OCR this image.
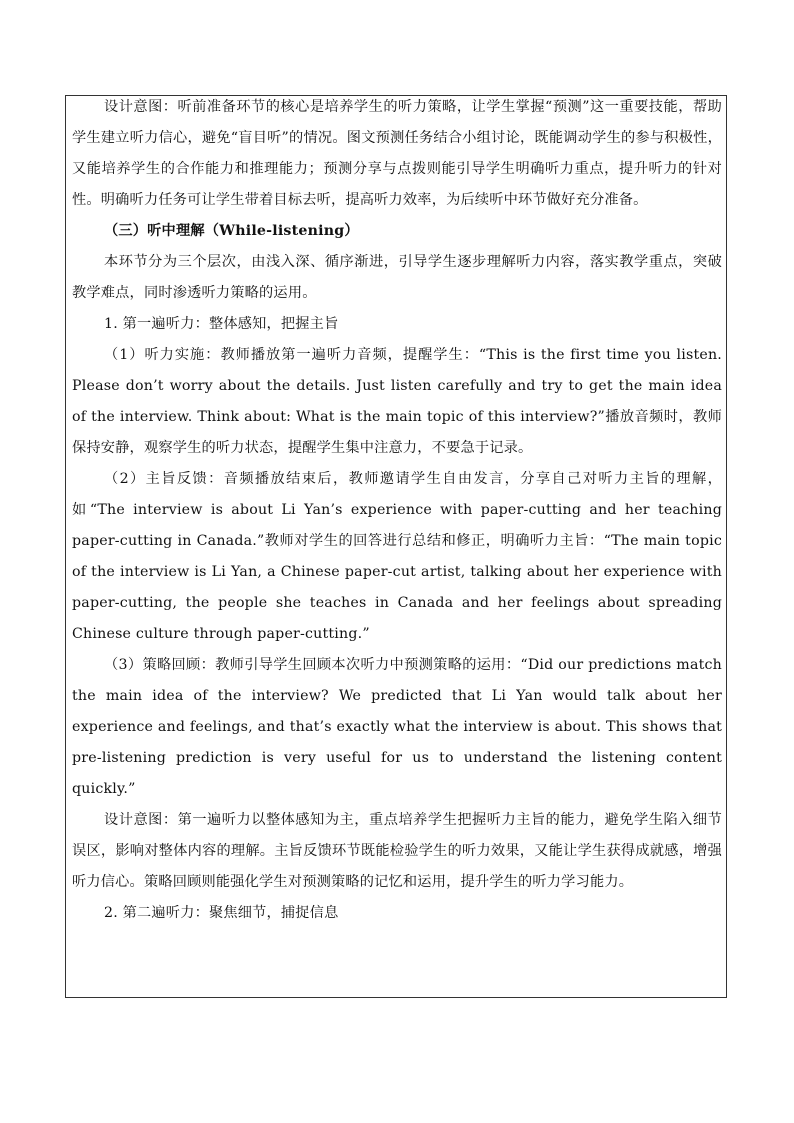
设计意图：听前准备环节的核心是培养学生的听力策略，让学生掌握“预测”这一重要技能，帮助学生建立听力信心，避免“盲目听”的情况。图文预测任务结合小组讨论，既能调动学生的参与积极性，又能培养学生的合作能力和推理能力；预测分享与点拨则能引导学生明确听力重点，提升听力的针对性。明确听力任务可让学生带着目标去听，提高听力效率，为后续听中环节做好充分准备。

（三）听中理解（While-listening）

本环节分为三个层次，由浅入深、循序渐进，引导学生逐步理解听力内容，落实教学重点，突破教学难点，同时渗透听力策略的运用。

1. 第一遍听力：整体感知，把握主旨

（1）听力实施：教师播放第一遍听力音频，提醒学生：“This is the first time you listen. Please don’t worry about the details. Just listen carefully and try to get the main idea of the interview. Think about: What is the main topic of this interview?”播放音频时，教师保持安静，观察学生的听力状态，提醒学生集中注意力，不要急于记录。

（2）主旨反馈：音频播放结束后，教师邀请学生自由发言，分享自己对听力主旨的理解，如“The interview is about Li Yan’s experience with paper-cutting and her teaching paper-cutting in Canada.”教师对学生的回答进行总结和修正，明确听力主旨：“The main topic of the interview is Li Yan, a Chinese paper-cut artist, talking about her experience with paper-cutting, the people she teaches in Canada and her feelings about spreading Chinese culture through paper-cutting.”

（3）策略回顾：教师引导学生回顾本次听力中预测策略的运用：“Did our predictions match the main idea of the interview? We predicted that Li Yan would talk about her experience and feelings, and that’s exactly what the interview is about. This shows that pre-listening prediction is very useful for us to understand the listening content quickly.”

设计意图：第一遍听力以整体感知为主，重点培养学生把握听力主旨的能力，避免学生陷入细节误区，影响对整体内容的理解。主旨反馈环节既能检验学生的听力效果，又能让学生获得成就感，增强听力信心。策略回顾则能强化学生对预测策略的记忆和运用，提升学生的听力学习能力。

2. 第二遍听力：聚焦细节，捕捉信息
